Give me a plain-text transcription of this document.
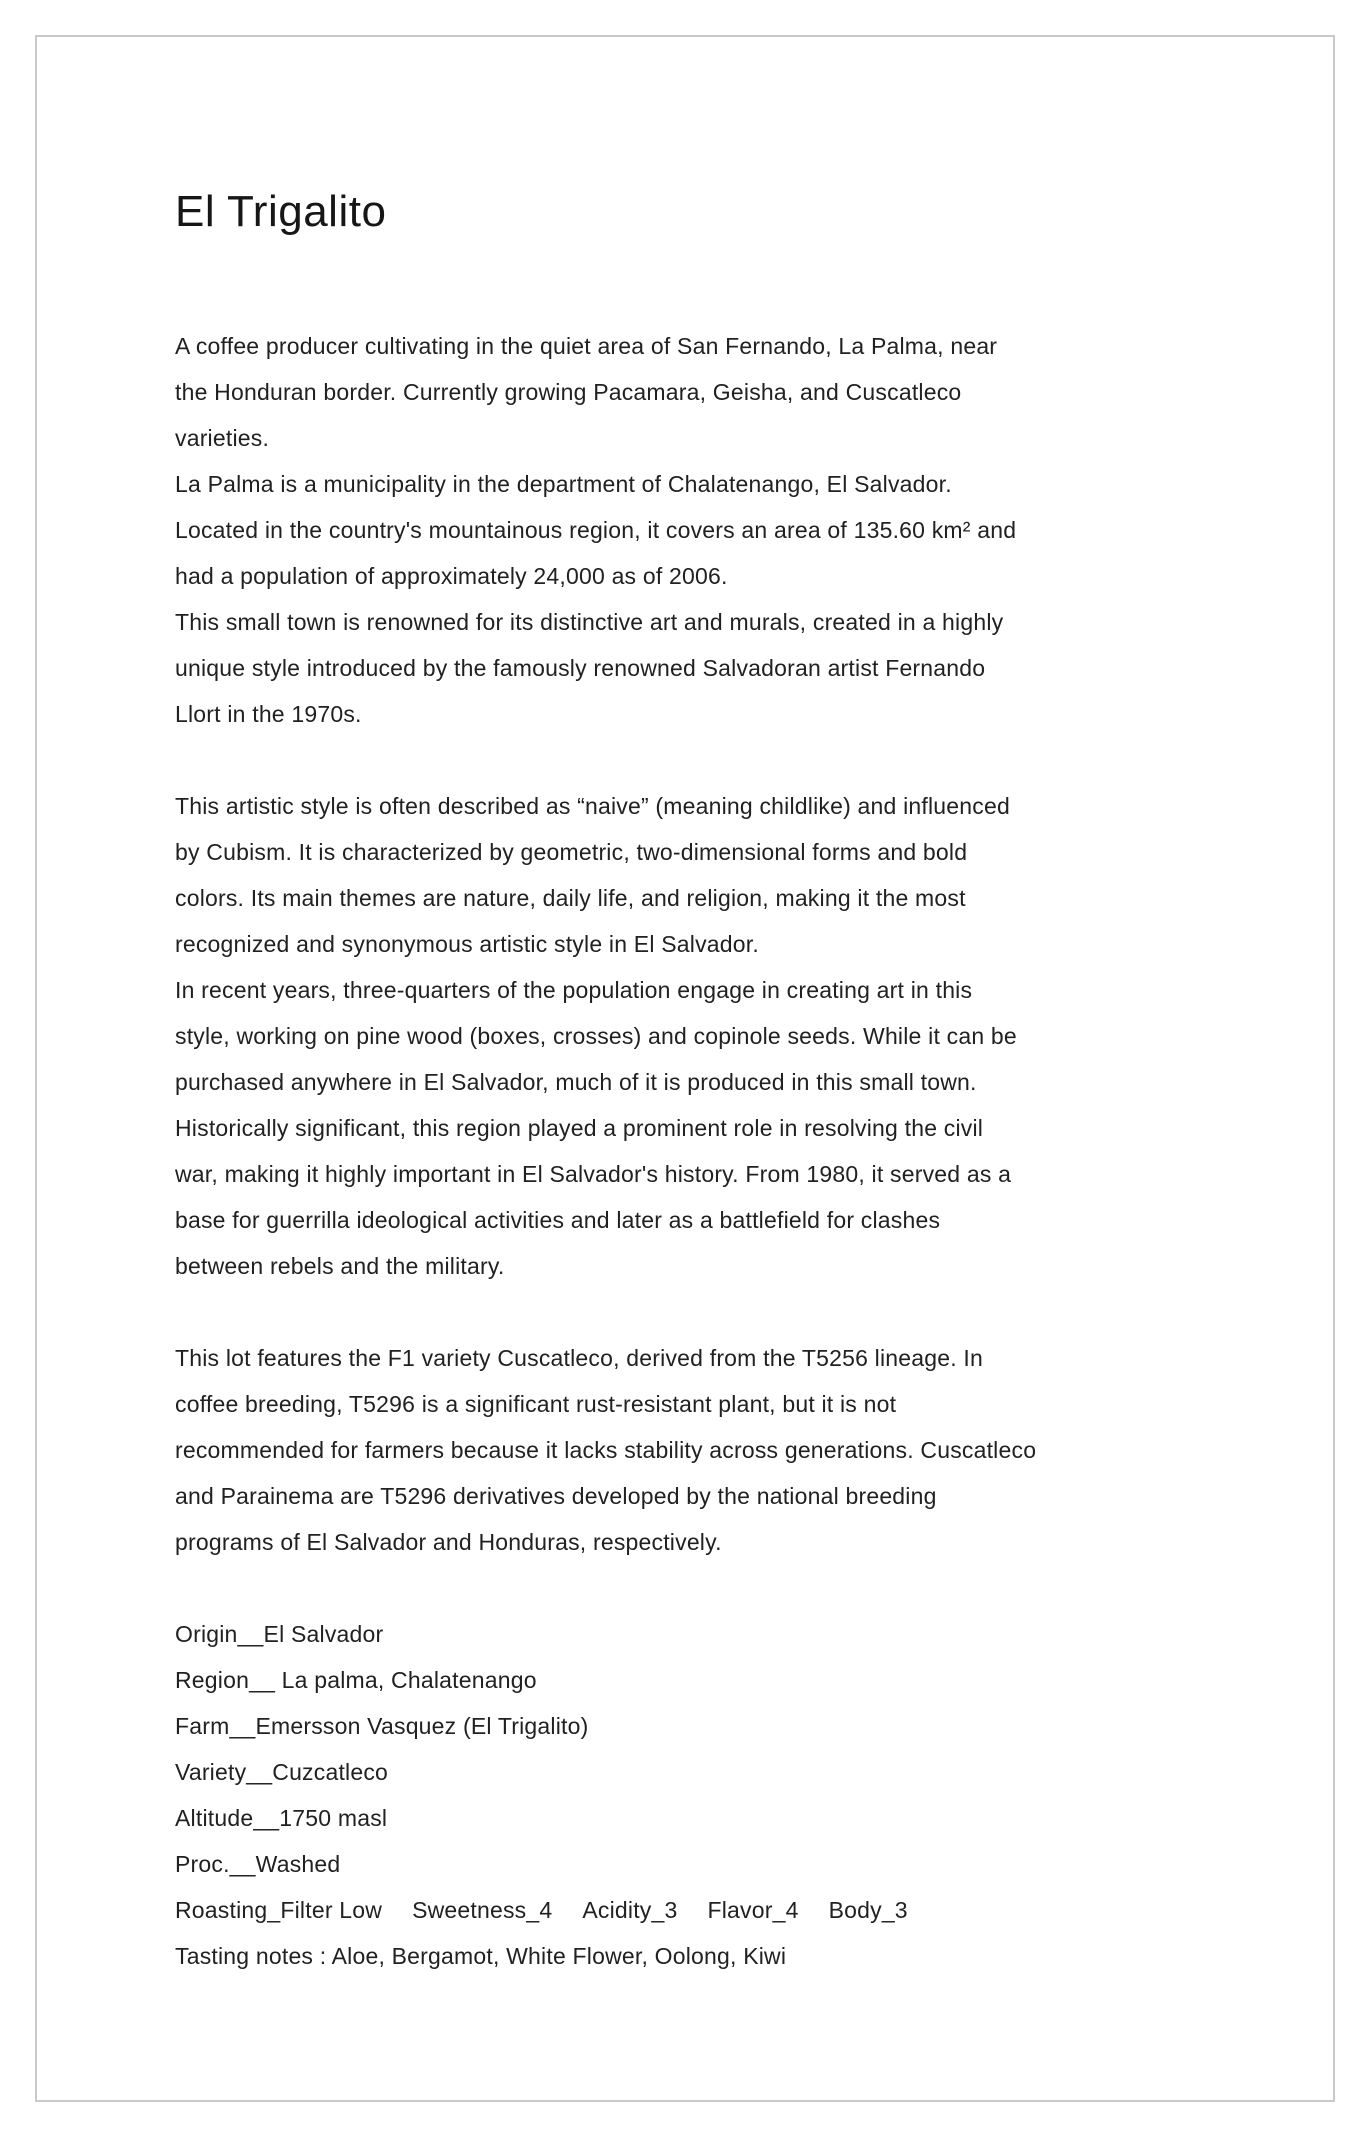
El Trigalito
A coffee producer cultivating in the quiet area of San Fernando, La Palma, near
the Honduran border. Currently growing Pacamara, Geisha, and Cuscatleco
varieties.
La Palma is a municipality in the department of Chalatenango, El Salvador.
Located in the country's mountainous region, it covers an area of 135.60 km² and
had a population of approximately 24,000 as of 2006.
This small town is renowned for its distinctive art and murals, created in a highly
unique style introduced by the famously renowned Salvadoran artist Fernando
Llort in the 1970s.
This artistic style is often described as “naive” (meaning childlike) and influenced
by Cubism. It is characterized by geometric, two-dimensional forms and bold
colors. Its main themes are nature, daily life, and religion, making it the most
recognized and synonymous artistic style in El Salvador.
In recent years, three-quarters of the population engage in creating art in this
style, working on pine wood (boxes, crosses) and copinole seeds. While it can be
purchased anywhere in El Salvador, much of it is produced in this small town.
Historically significant, this region played a prominent role in resolving the civil
war, making it highly important in El Salvador's history. From 1980, it served as a
base for guerrilla ideological activities and later as a battlefield for clashes
between rebels and the military.
This lot features the F1 variety Cuscatleco, derived from the T5256 lineage. In
coffee breeding, T5296 is a significant rust-resistant plant, but it is not
recommended for farmers because it lacks stability across generations. Cuscatleco
and Parainema are T5296 derivatives developed by the national breeding
programs of El Salvador and Honduras, respectively.
Origin__El Salvador
Region__ La palma, Chalatenango
Farm__Emersson Vasquez (El Trigalito)
Variety__Cuzcatleco
Altitude__1750 masl
Proc.__Washed
Roasting_Filter Low Sweetness_4 Acidity_3 Flavor_4 Body_3
Tasting notes : Aloe, Bergamot, White Flower, Oolong, Kiwi
